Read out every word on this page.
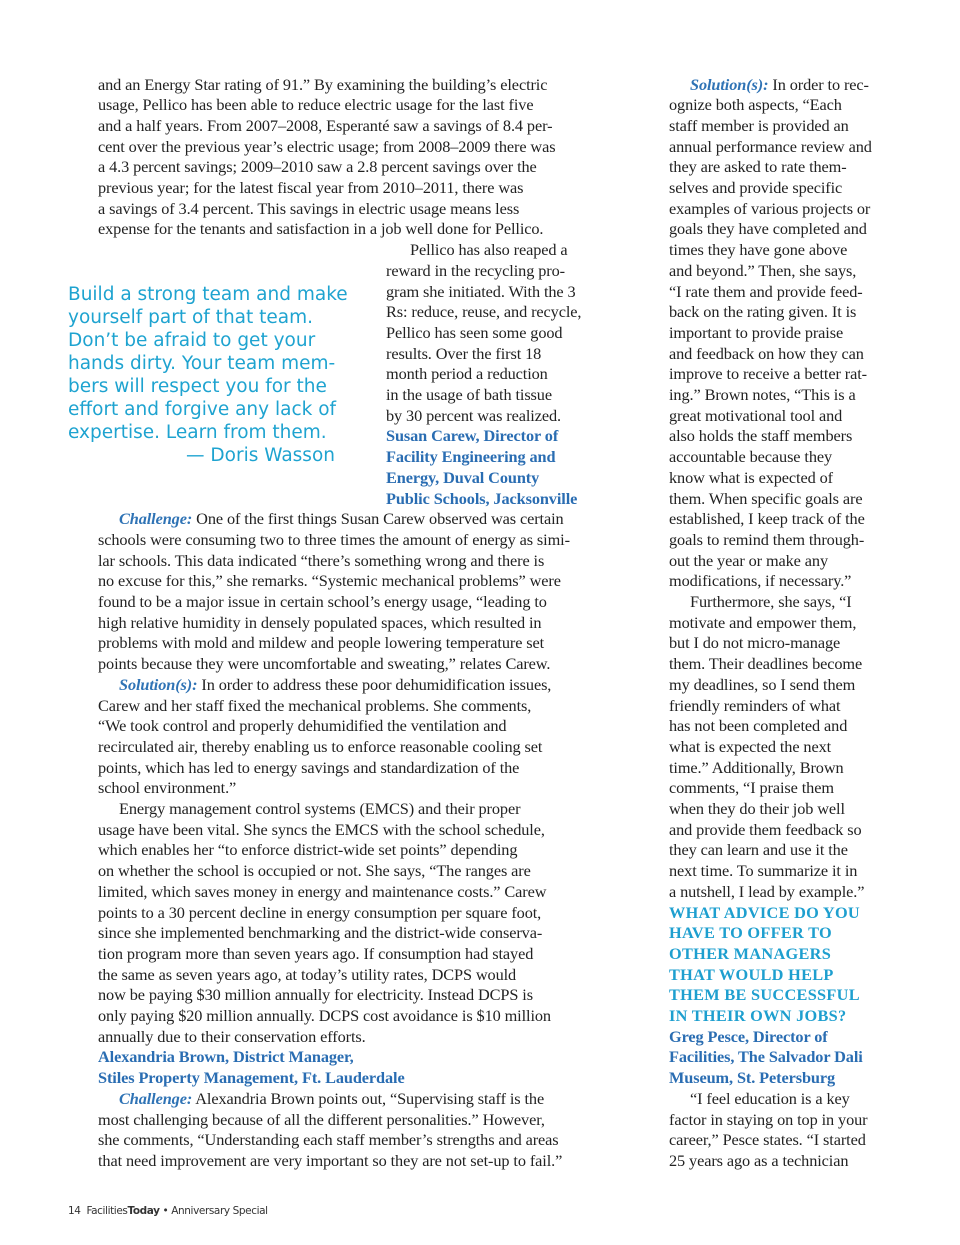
and an Energy Star rating of 91.” By examining the building’s electric
usage, Pellico has been able to reduce electric usage for the last five
and a half years. From 2007–2008, Esperanté saw a savings of 8.4 per-
cent over the previous year’s electric usage; from 2008–2009 there was
a 4.3 percent savings; 2009–2010 saw a 2.8 percent savings over the
previous year; for the latest fiscal year from 2010–2011, there was
a savings of 3.4 percent. This savings in electric usage means less
expense for the tenants and satisfaction in a job well done for Pellico.
Pellico has also reaped a
reward in the recycling pro-
gram she initiated. With the 3
Rs: reduce, reuse, and recycle,
Pellico has seen some good
results. Over the first 18
month period a reduction
in the usage of bath tissue
by 30 percent was realized.
Susan Carew, Director of
Facility Engineering and
Energy, Duval County
Public Schools, Jacksonville
Challenge: One of the first things Susan Carew observed was certain
schools were consuming two to three times the amount of energy as simi-
lar schools. This data indicated “there’s something wrong and there is
no excuse for this,” she remarks. “Systemic mechanical problems” were
found to be a major issue in certain school’s energy usage, “leading to
high relative humidity in densely populated spaces, which resulted in
problems with mold and mildew and people lowering temperature set
points because they were uncomfortable and sweating,” relates Carew.
Solution(s): In order to address these poor dehumidification issues,
Carew and her staff fixed the mechanical problems. She comments,
“We took control and properly dehumidified the ventilation and
recirculated air, thereby enabling us to enforce reasonable cooling set
points, which has led to energy savings and standardization of the
school environment.”
Energy management control systems (EMCS) and their proper
usage have been vital. She syncs the EMCS with the school schedule,
which enables her “to enforce district-wide set points” depending
on whether the school is occupied or not. She says, “The ranges are
limited, which saves money in energy and maintenance costs.” Carew
points to a 30 percent decline in energy consumption per square foot,
since she implemented benchmarking and the district-wide conserva-
tion program more than seven years ago. If consumption had stayed
the same as seven years ago, at today’s utility rates, DCPS would
now be paying $30 million annually for electricity. Instead DCPS is
only paying $20 million annually. DCPS cost avoidance is $10 million
annually due to their conservation efforts.
Alexandria Brown, District Manager,
Stiles Property Management, Ft. Lauderdale
Challenge: Alexandria Brown points out, “Supervising staff is the
most challenging because of all the different personalities.” However,
she comments, “Understanding each staff member’s strengths and areas
that need improvement are very important so they are not set-up to fail.”
Solution(s): In order to rec-
ognize both aspects, “Each
staff member is provided an
annual performance review and
they are asked to rate them-
selves and provide specific
examples of various projects or
goals they have completed and
times they have gone above
and beyond.” Then, she says,
“I rate them and provide feed-
back on the rating given. It is
important to provide praise
and feedback on how they can
improve to receive a better rat-
ing.” Brown notes, “This is a
great motivational tool and
also holds the staff members
accountable because they
know what is expected of
them. When specific goals are
established, I keep track of the
goals to remind them through-
out the year or make any
modifications, if necessary.”
Furthermore, she says, “I
motivate and empower them,
but I do not micro-manage
them. Their deadlines become
my deadlines, so I send them
friendly reminders of what
has not been completed and
what is expected the next
time.” Additionally, Brown
comments, “I praise them
when they do their job well
and provide them feedback so
they can learn and use it the
next time. To summarize it in
a nutshell, I lead by example.”
WHAT ADVICE DO YOU
HAVE TO OFFER TO
OTHER MANAGERS
THAT WOULD HELP
THEM BE SUCCESSFUL
IN THEIR OWN JOBS?
Greg Pesce, Director of
Facilities, The Salvador Dali
Museum, St. Petersburg
“I feel education is a key
factor in staying on top in your
career,” Pesce states. “I started
25 years ago as a technician
Build a strong team and make
yourself part of that team.
Don’t be afraid to get your
hands dirty. Your team mem-
bers will respect you for the
effort and forgive any lack of
expertise. Learn from them.
— Doris Wasson
14 FacilitiesToday • Anniversary Special
